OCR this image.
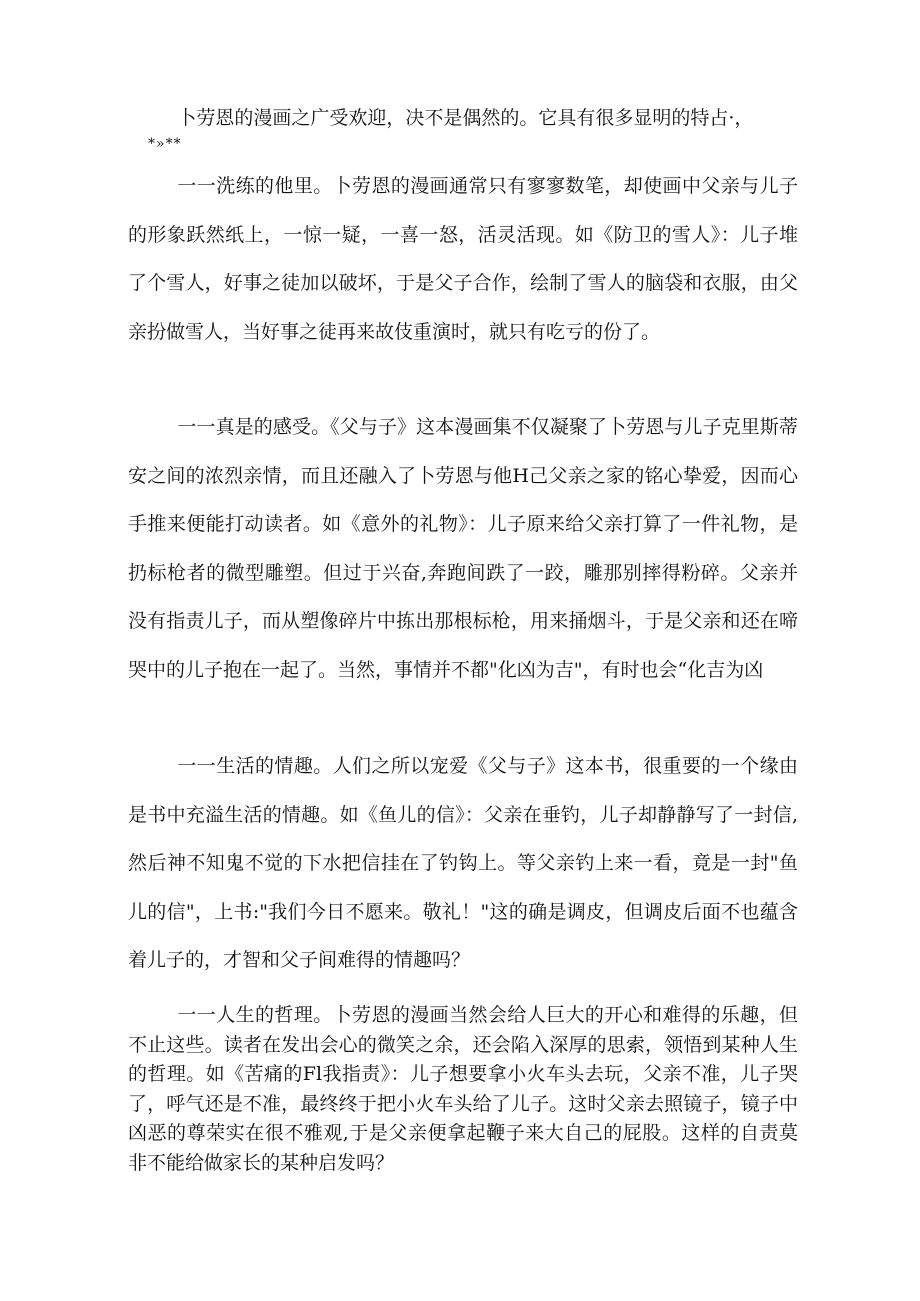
卜劳恩的漫画之广受欢迎，决不是偶然的。它具有很多显明的特占·，

*»**

一一洗练的他里。卜劳恩的漫画通常只有寥寥数笔，却使画中父亲与儿子的形象跃然纸上，一惊一疑，一喜一怒，活灵活现。如《防卫的雪人》：儿子堆了个雪人，好事之徒加以破坏，于是父子合作，绘制了雪人的脑袋和衣服，由父亲扮做雪人，当好事之徒再来故伎重演时，就只有吃亏的份了。

一一真是的感受。《父与子》这本漫画集不仅凝聚了卜劳恩与儿子克里斯蒂安之间的浓烈亲情，而且还融入了卜劳恩与他H己父亲之家的铭心挚爱，因而心手推来便能打动读者。如《意外的礼物》：儿子原来给父亲打算了一件礼物，是扔标枪者的微型雕塑。但过于兴奋,奔跑间跌了一跤，雕那别摔得粉碎。父亲并没有指责儿子，而从塑像碎片中拣出那根标枪，用来捅烟斗，于是父亲和还在啼哭中的儿子抱在一起了。当然，事情并不都"化凶为吉"，有时也会“化吉为凶

一一生活的情趣。人们之所以宠爱《父与子》这本书，很重要的一个缘由是书中充溢生活的情趣。如《鱼儿的信》：父亲在垂钓，儿子却静静写了一封信,然后神不知鬼不觉的下水把信挂在了钓钩上。等父亲钓上来一看，竟是一封"鱼儿的信"，上书:"我们今日不愿来。敬礼！"这的确是调皮，但调皮后面不也蕴含着儿子的，才智和父子间难得的情趣吗？

一一人生的哲理。卜劳恩的漫画当然会给人巨大的开心和难得的乐趣，但不止这些。读者在发出会心的微笑之余，还会陷入深厚的思索，领悟到某种人生的哲理。如《苦痛的Fl我指责》：儿子想要拿小火车头去玩，父亲不准，儿子哭了，呼气还是不准，最终终于把小火车头给了儿子。这时父亲去照镜子，镜子中凶恶的尊荣实在很不雅观,于是父亲便拿起鞭子来大自己的屁股。这样的自责莫非不能给做家长的某种启发吗？
